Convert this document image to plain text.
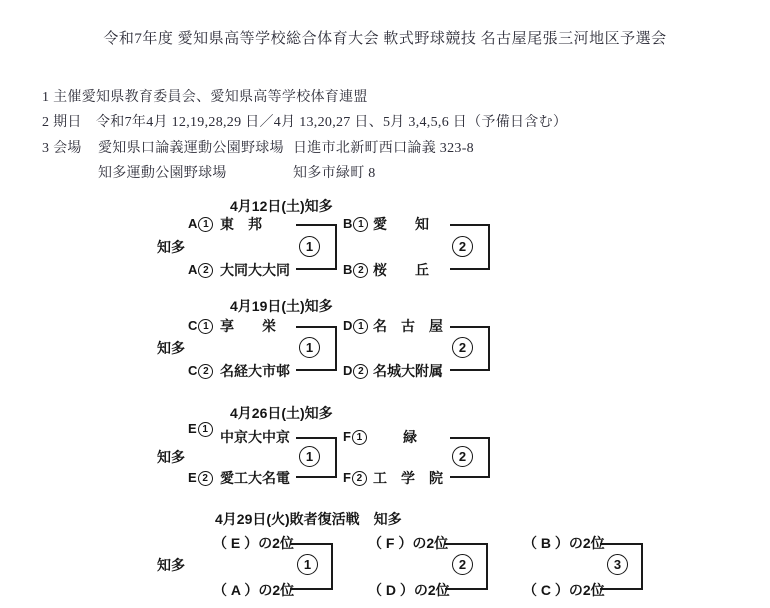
令和7年度 愛知県高等学校総合体育大会 軟式野球競技 名古屋尾張三河地区予選会
1 主催愛知県教育委員会、愛知県高等学校体育連盟
2 期日　令和7年4月 12,19,28,29 日／4月 13,20,27 日、5月 3,4,5,6 日（予備日含む）
3 会場 愛知県口論義運動公園野球場 日進市北新町西口論義 323-8
知多運動公園野球場	知多市緑町 8
4月12日(土)知多
知多
A 1 東　邦
A 2 大同大大同
1
B 1 愛　　知
B 2 桜　　丘
2
4月19日(土)知多
知多
C 1 享　　栄
C 2 名経大市邨
1
D 1 名　古　屋
D 2 名城大附属
2
4月26日(土)知多
知多
E 1 中京大中京
E 2 愛工大名電
1
F 1	緑
F 2 工　学　院
2
4月29日(火)敗者復活戦　知多
知多
（ E ）の2位
（ A ）の2位
1
（ F ）の2位
（ D ）の2位
2
（ B ）の2位
（ C ）の2位
3
